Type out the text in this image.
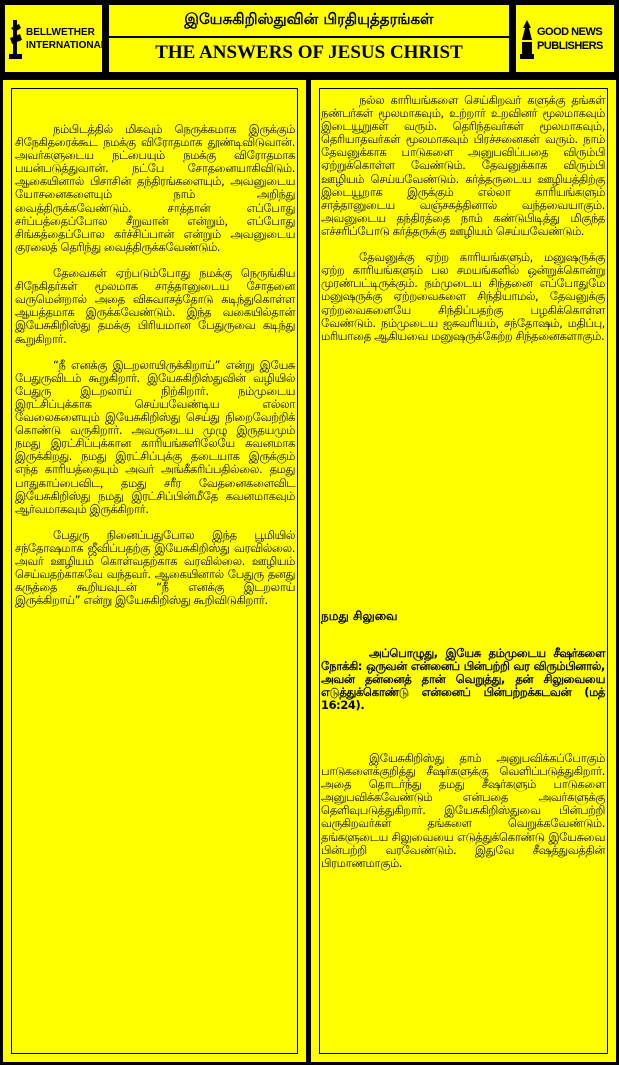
BELLWETHER
INTERNATIONAL
இயேசுகிறிஸ்துவின் பிரதியுத்தரங்கள்
THE ANSWERS OF JESUS CHRIST
GOOD NEWS
PUBLISHERS

நம்பிடத்தில் மிகவும் நெருக்கமாக இருக்கும் சிநேகிதரைக்கூட நமக்கு விரோதமாக தூண்டிவிடுவான். அவர்களுடைய நட்பையும் நமக்கு விரோதமாக பயன்படுத்துவான். நட்பே சோதனையாகிவிடும். ஆகையினால் பிசாசின் தந்திரங்களையும், அவனுடைய யோசனைகளையும் நாம் அறிந்து வைத்திருக்கவேண்டும். சாத்தான் எப்போது சர்ப்பத்தைப்போல சீறுவான் என்றும், எப்போது சிங்கத்தைப்போல கர்ச்சிப்பான் என்றும் அவனுடைய குரலைத் தெரிந்து வைத்திருக்கவேண்டும்.

தேவைகள் ஏற்படும்போது நமக்கு நெருங்கிய சிநேகிதர்கள் மூலமாக சாத்தானுடைய சோதனை வருமென்றால் அதை விசுவாசத்தோடு கடிந்துகொள்ள ஆயத்தமாக இருக்கவேண்டும். இந்த வகையில்தான் இயேசுகிறிஸ்து தமக்கு பிரியமான பேதுருவை கடிந்து கூறுகிறார்.

“நீ எனக்கு இடறலாயிருக்கிறாய்” என்று இயேசு பேதுருவிடம் கூறுகிறார். இயேசுகிறிஸ்துவின் வழியில் பேதுரு இடறலாய் நிற்கிறார். நம்முடைய இரட்சிப்புக்காக செய்யவேண்டிய எல்லா வேலைகளையும் இயேசுகிறிஸ்து செய்து நிறைவேற்றிக் கொண்டு வருகிறார். அவருடைய முழு இருதயமும் நமது இரட்சிப்புக்கான காரியங்களிலேயே கவனமாக இருக்கிறது. நமது இரட்சிப்புக்கு தடையாக இருக்கும் எந்த காரியத்தையும் அவர் அங்கீகரிப்பதில்லை. தமது பாதுகாப்பைவிட, தமது சரீர வேதனைகளைவிட இயேசுகிறிஸ்து நமது இரட்சிப்பின்மீதே கவனமாகவும் ஆர்வமாகவும் இருக்கிறார்.

பேதுரு நினைப்பதுபோல இந்த பூமியில் சந்தோஷமாக ஜீவிப்பதற்கு இயேசுகிறிஸ்து வரவில்லை. அவர் ஊழியம் கொள்வதற்காக வரவில்லை. ஊழியம் செய்வதற்காகவே வந்தவர். ஆகையினால் பேதுரு தனது கருத்தை கூறியவுடன் “நீ எனக்கு இடறலாய் இருக்கிறாய்” என்று இயேசுகிறிஸ்து கூறிவிடுகிறார்.

நல்ல காரியங்களை செய்கிறவர் களுக்கு தங்கள் நண்பர்கள் மூலமாகவும், உற்றார் உறவினர் மூலமாகவும் இடையூறுகள் வரும். தெரிந்தவர்கள் மூலமாகவும், தெரியாதவர்கள் மூலமாகவும் பிரச்சனைகள் வரும். நாம் தேவனுக்காக பாடுகளை அனுபவிப்பதை விரும்பி ஏற்றுக்கொள்ள வேண்டும். தேவனுக்காக விரும்பி ஊழியம் செய்யவேண்டும். கர்த்தருடைய ஊழியத்திற்கு இடையூறாக இருக்கும் எல்லா காரியங்களும் சாத்தானுடைய வஞ்சகத்தினால் வந்தவையாகும். அவனுடைய தந்திரத்தை நாம் கண்டுபிடித்து மிகுந்த எச்சரிப்போடு கர்த்தருக்கு ஊழியம் செய்யவேண்டும்.

தேவனுக்கு ஏற்ற காரியங்களும், மனுஷருக்கு ஏற்ற காரியங்களும் பல சமயங்களில் ஒன்றுக்கொன்று முரண்பட்டிருக்கும். நம்முடைய சிந்தனை எப்போதுமே மனுஷருக்கு ஏற்றவைகளை சிந்தியாமல், தேவனுக்கு ஏற்றவைகளையே சிந்திப்பதற்கு பழகிக்கொள்ள வேண்டும். நம்முடைய ஐசுவரியம், சந்தோஷம், மதிப்பு, மரியாதை ஆகியவை மனுஷருக்கேற்ற சிந்தனைகளாகும்.

நமது சிலுவை

அப்பொழுது, இயேசு தம்முடைய சீஷர்களை நோக்கி: ஒருவன் என்னைப் பின்பற்றி வர விரும்பினால், அவன் தன்னைத் தான் வெறுத்து, தன் சிலுவையை எடுத்துக்கொண்டு என்னைப் பின்பற்றக்கடவன் (மத் 16:24).

இயேசுகிறிஸ்து தாம் அனுபவிக்கப்போகும் பாடுகளைக்குறித்து சீஷர்களுக்கு வெளிப்படுத்துகிறார். அதை தொடர்ந்து தமது சீஷர்களும் பாடுகளை அனுபவிக்கவேண்டும் என்பதை அவர்களுக்கு தெளிவுபடுத்துகிறார். இயேசுகிறிஸ்துவை பின்பற்றி வருகிறவர்கள் தங்களை வெறுக்கவேண்டும். தங்களுடைய சிலுவையை எடுத்துக்கொண்டு இயேசுவை பின்பற்றி வரவேண்டும். இதுவே சீஷத்துவத்தின் பிரமாணமாகும்.
